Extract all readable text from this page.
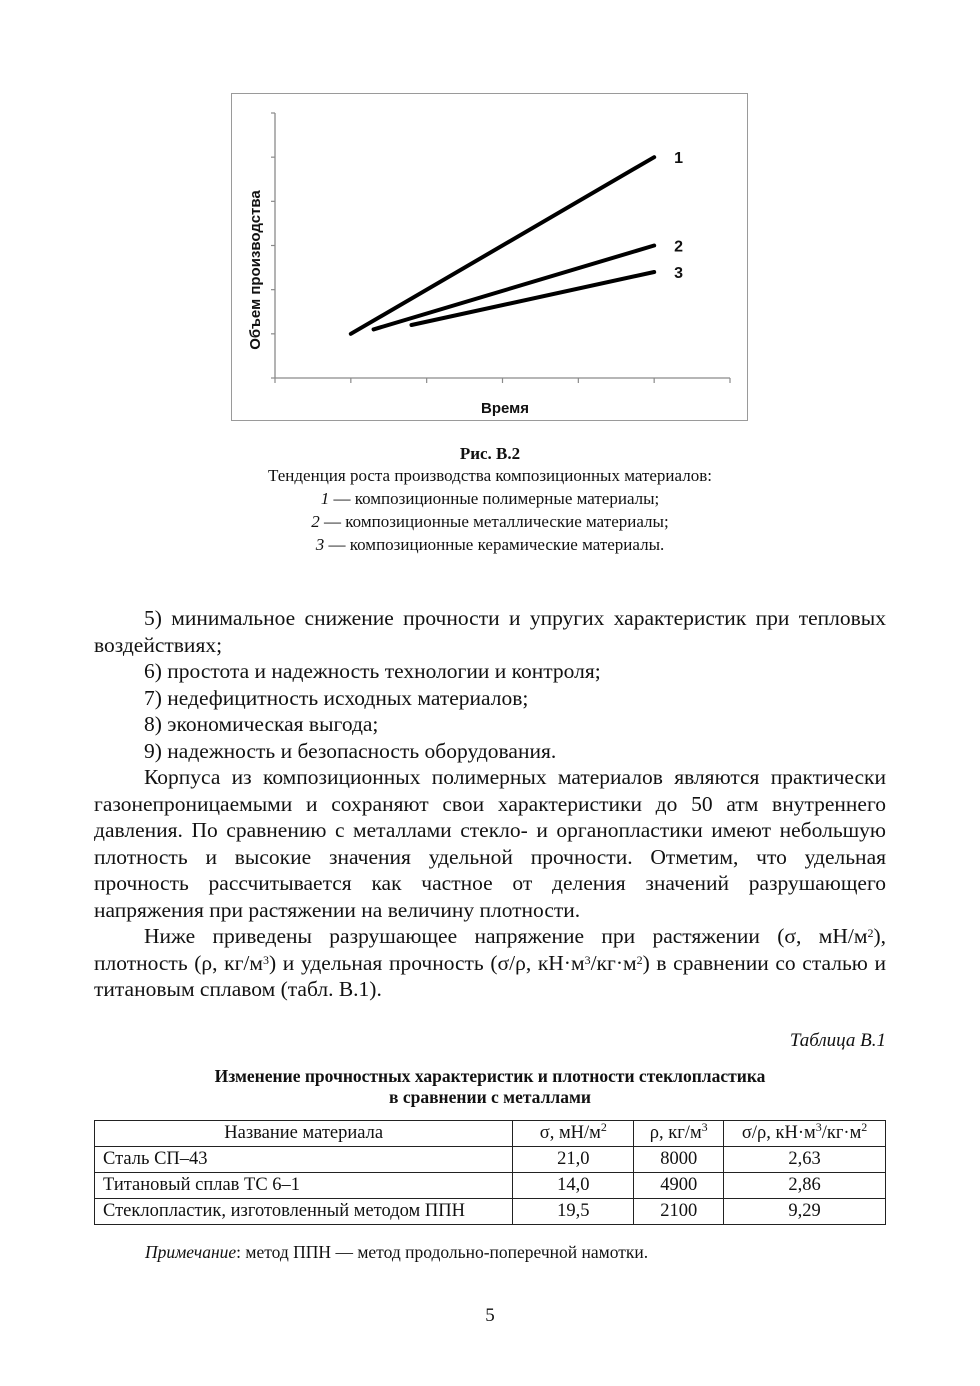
1
2
3
Объем производства
Время
Рис. В.2
Тенденция роста производства композиционных материалов:
1 — композиционные полимерные материалы;
2 — композиционные металлические материалы;
3 — композиционные керамические материалы.

5) минимальное снижение прочности и упругих характеристик при тепловых воздействиях;

6) простота и надежность технологии и контроля;

7) недефицитность исходных материалов;

8) экономическая выгода;

9) надежность и безопасность оборудования.

Корпуса из композиционных полимерных материалов являются практически газонепроницаемыми и сохраняют свои характеристики до 50 атм внутреннего давления. По сравнению с металлами стекло- и органопластики имеют небольшую плотность и высокие значения удельной прочности. Отметим, что удельная прочность рассчитывается как частное от деления значений разрушающего напряжения при растяжении на величину плотности.

Ниже приведены разрушающее напряжение при растяжении (σ, $мН/м^2$), плотность (ρ, $кг/м^3$) и удельная прочность (σ/ρ, $кН\cdot м^3/кг\cdot м^2$) в сравнении со сталью и титановым сплавом (табл. В.1).

Таблица В.1
Изменение прочностных характеристик и плотности стеклопластика
в сравнении с металлами
Название материала	σ, $мН/м^2$	ρ, $кг/м^3$	σ/ρ, $кН\cdot м^3/кг\cdot м^2$
Сталь СП–43	21,0	8000	2,63
Титановый сплав ТС 6–1	14,0	4900	2,86
Стеклопластик, изготовленный методом ППН	19,5	2100	9,29
Примечание: метод ППН — метод продольно-поперечной намотки.
5
